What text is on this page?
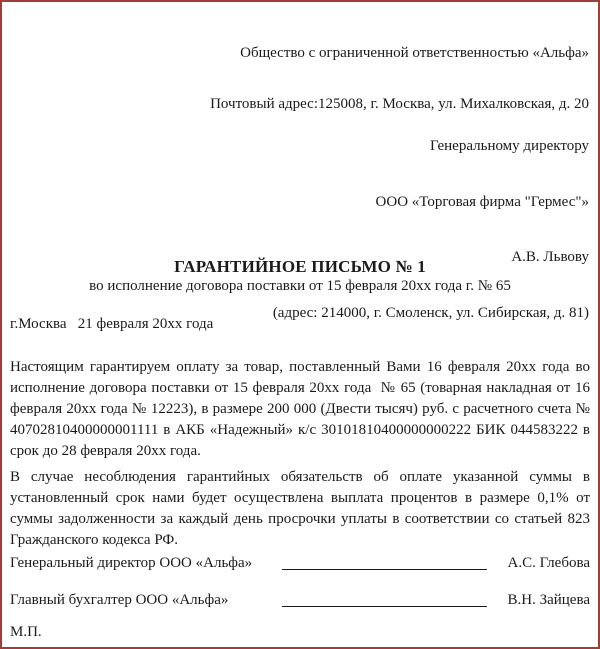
Общество с ограниченной ответственностью «Альфа»

Почтовый адрес:125008, г. Москва, ул. Михалковская, д. 20

Генеральному директору

ООО «Торговая фирма "Гермес"»

А.В. Львову

(адрес: 214000, г. Смоленск, ул. Сибирская, д. 81)

ГАРАНТИЙНОЕ ПИСЬМО № 1
во исполнение договора поставки от 15 февраля 20хх года г. № 65
г.Москва   21 февраля 20хх года

Настоящим гарантируем оплату за товар, поставленный Вами 16 февраля 20хх года во исполнение договора поставки от 15 февраля 20хх года  № 65 (товарная накладная от 16 февраля 20хх года № 12223), в размере 200 000 (Двести тысяч) руб. с расчетного счета № 40702810400000001111 в АКБ «Надежный» к/с 30101810400000000222 БИК 044583222 в срок до 28 февраля 20хх года.

В случае несоблюдения гарантийных обязательств об оплате указанной суммы в установленный срок нами будет осуществлена выплата процентов в размере 0,1% от суммы задолженности за каждый день просрочки уплаты в соответствии со статьей 823 Гражданского кодекса РФ.

Генеральный директор ООО «Альфа»	А.С. Глебова
Главный бухгалтер ООО «Альфа»	В.Н. Зайцева
М.П.
